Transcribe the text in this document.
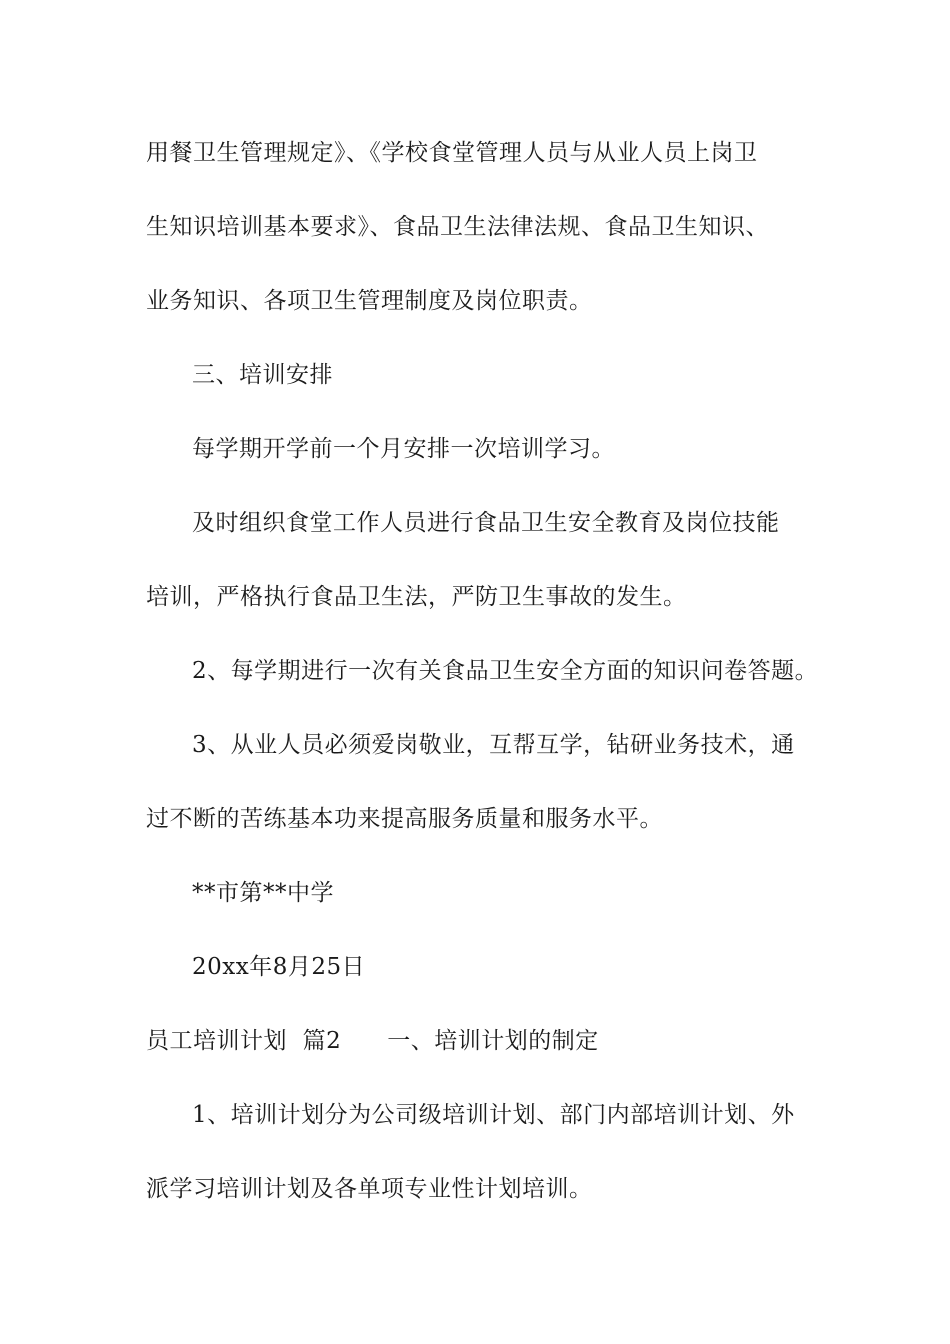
用餐卫生管理规定》、《学校食堂管理人员与从业人员上岗卫
生知识培训基本要求》、食品卫生法律法规、食品卫生知识、
业务知识、各项卫生管理制度及岗位职责。
三、培训安排
每学期开学前一个月安排一次培训学习。
及时组织食堂工作人员进行食品卫生安全教育及岗位技能
培训，严格执行食品卫生法，严防卫生事故的发生。
2、每学期进行一次有关食品卫生安全方面的知识问卷答题。
3、从业人员必须爱岗敬业，互帮互学，钻研业务技术，通
过不断的苦练基本功来提高服务质量和服务水平。
**市第**中学
20xx年8月25日
员工培训计划  篇2 一、培训计划的制定
1、培训计划分为公司级培训计划、部门内部培训计划、外
派学习培训计划及各单项专业性计划培训。
